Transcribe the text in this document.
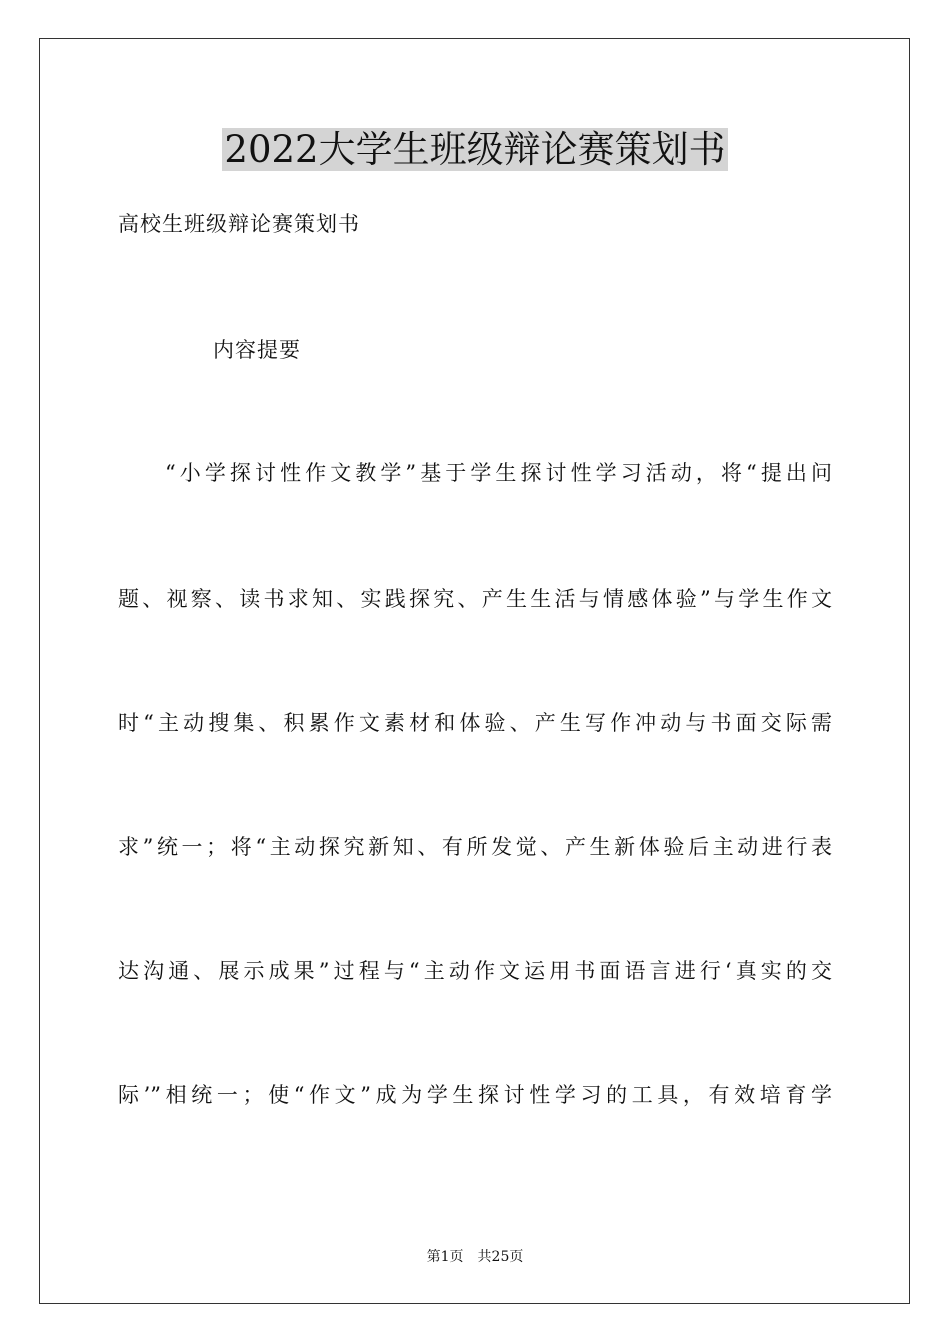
2022大学生班级辩论赛策划书
高校生班级辩论赛策划书
内容提要
“小学探讨性作文教学”基于学生探讨性学习活动，将“提出问
题、视察、读书求知、实践探究、产生生活与情感体验”与学生作文
时“主动搜集、积累作文素材和体验、产生写作冲动与书面交际需
求”统一；将“主动探究新知、有所发觉、产生新体验后主动进行表
达沟通、展示成果”过程与“主动作文运用书面语言进行‘真实的交
际’”相统一；使“作文”成为学生探讨性学习的工具，有效培育学
第1页 共25页
